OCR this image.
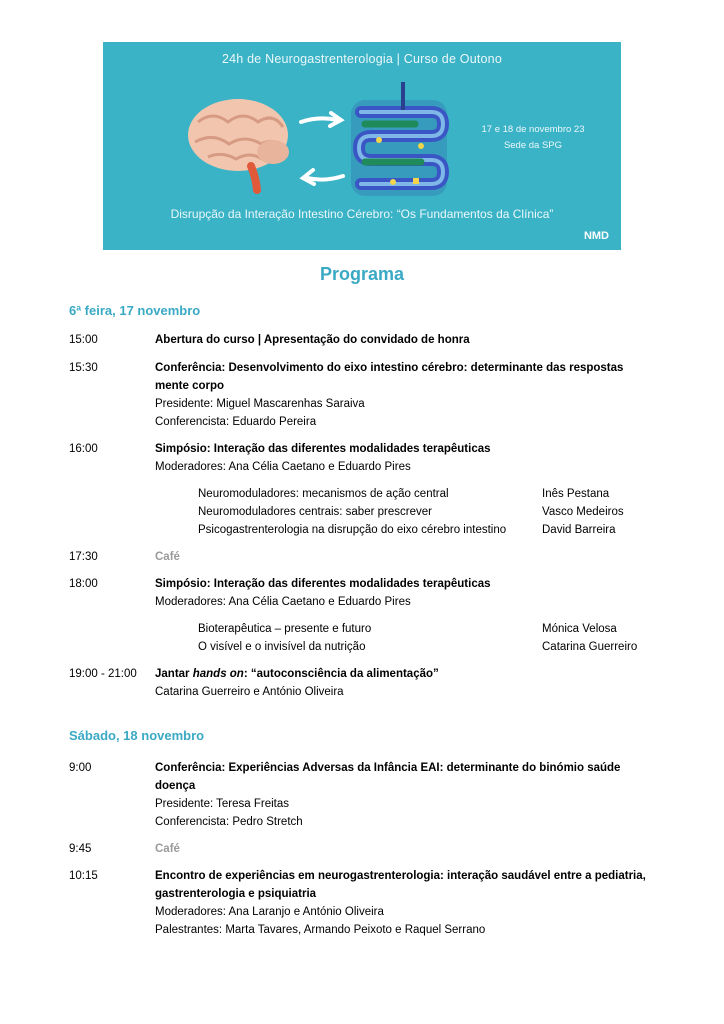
24h de Neurogastrenterologia | Curso de Outono
17 e 18 de novembro 23
Sede da SPG
Disrupção da Interação Intestino Cérebro: “Os Fundamentos da Clínica”
NMD
Programa
6ª feira, 17 novembro
15:00	Abertura do curso | Apresentação do convidado de honra
15:30	Conferência: Desenvolvimento do eixo intestino cérebro: determinante das respostas
mente corpo
Presidente: Miguel Mascarenhas Saraiva
Conferencista: Eduardo Pereira
16:00	Simpósio: Interação das diferentes modalidades terapêuticas
Moderadores: Ana Célia Caetano e Eduardo Pires
Neuromoduladores: mecanismos de ação central	Inês Pestana
Neuromoduladores centrais: saber prescrever	Vasco Medeiros
Psicogastrenterologia na disrupção do eixo cérebro intestino	David Barreira
17:30	Café
18:00	Simpósio: Interação das diferentes modalidades terapêuticas
Moderadores: Ana Célia Caetano e Eduardo Pires
Bioterapêutica – presente e futuro	Mónica Velosa
O visível e o invisível da nutrição	Catarina Guerreiro
19:00 - 21:00 Jantar hands on: “autoconsciência da alimentação”
Catarina Guerreiro e António Oliveira
Sábado, 18 novembro
9:00	Conferência: Experiências Adversas da Infância EAI: determinante do binómio saúde
doença
Presidente: Teresa Freitas
Conferencista: Pedro Stretch
9:45	Café
10:15	Encontro de experiências em neurogastrenterologia: interação saudável entre a pediatria,
gastrenterologia e psiquiatria
Moderadores: Ana Laranjo e António Oliveira
Palestrantes: Marta Tavares, Armando Peixoto e Raquel Serrano
